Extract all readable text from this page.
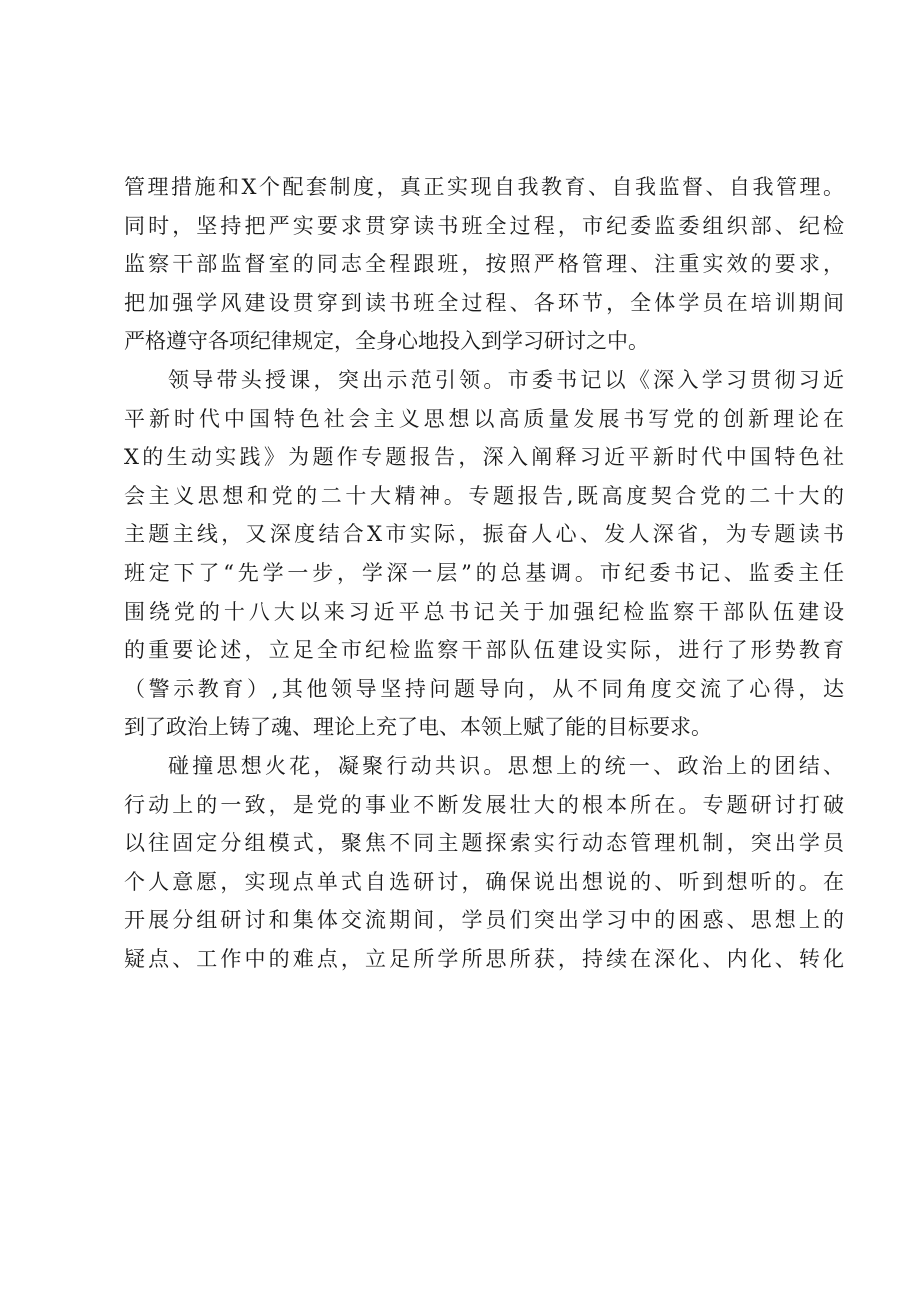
管理措施和X个配套制度，真正实现自我教育、自我监督、自我管理。
同时，坚持把严实要求贯穿读书班全过程，市纪委监委组织部、纪检
监察干部监督室的同志全程跟班，按照严格管理、注重实效的要求，
把加强学风建设贯穿到读书班全过程、各环节，全体学员在培训期间
严格遵守各项纪律规定，全身心地投入到学习研讨之中。
领导带头授课，突出示范引领。市委书记以《深入学习贯彻习近
平新时代中国特色社会主义思想以高质量发展书写党的创新理论在
X的生动实践》为题作专题报告，深入阐释习近平新时代中国特色社
会主义思想和党的二十大精神。专题报告,既高度契合党的二十大的
主题主线，又深度结合X市实际，振奋人心、发人深省，为专题读书
班定下了“先学一步，学深一层”的总基调。市纪委书记、监委主任
围绕党的十八大以来习近平总书记关于加强纪检监察干部队伍建设
的重要论述，立足全市纪检监察干部队伍建设实际，进行了形势教育
（警示教育）,其他领导坚持问题导向，从不同角度交流了心得，达
到了政治上铸了魂、理论上充了电、本领上赋了能的目标要求。
碰撞思想火花，凝聚行动共识。思想上的统一、政治上的团结、
行动上的一致，是党的事业不断发展壮大的根本所在。专题研讨打破
以往固定分组模式，聚焦不同主题探索实行动态管理机制，突出学员
个人意愿，实现点单式自选研讨，确保说出想说的、听到想听的。在
开展分组研讨和集体交流期间，学员们突出学习中的困惑、思想上的
疑点、工作中的难点，立足所学所思所获，持续在深化、内化、转化
